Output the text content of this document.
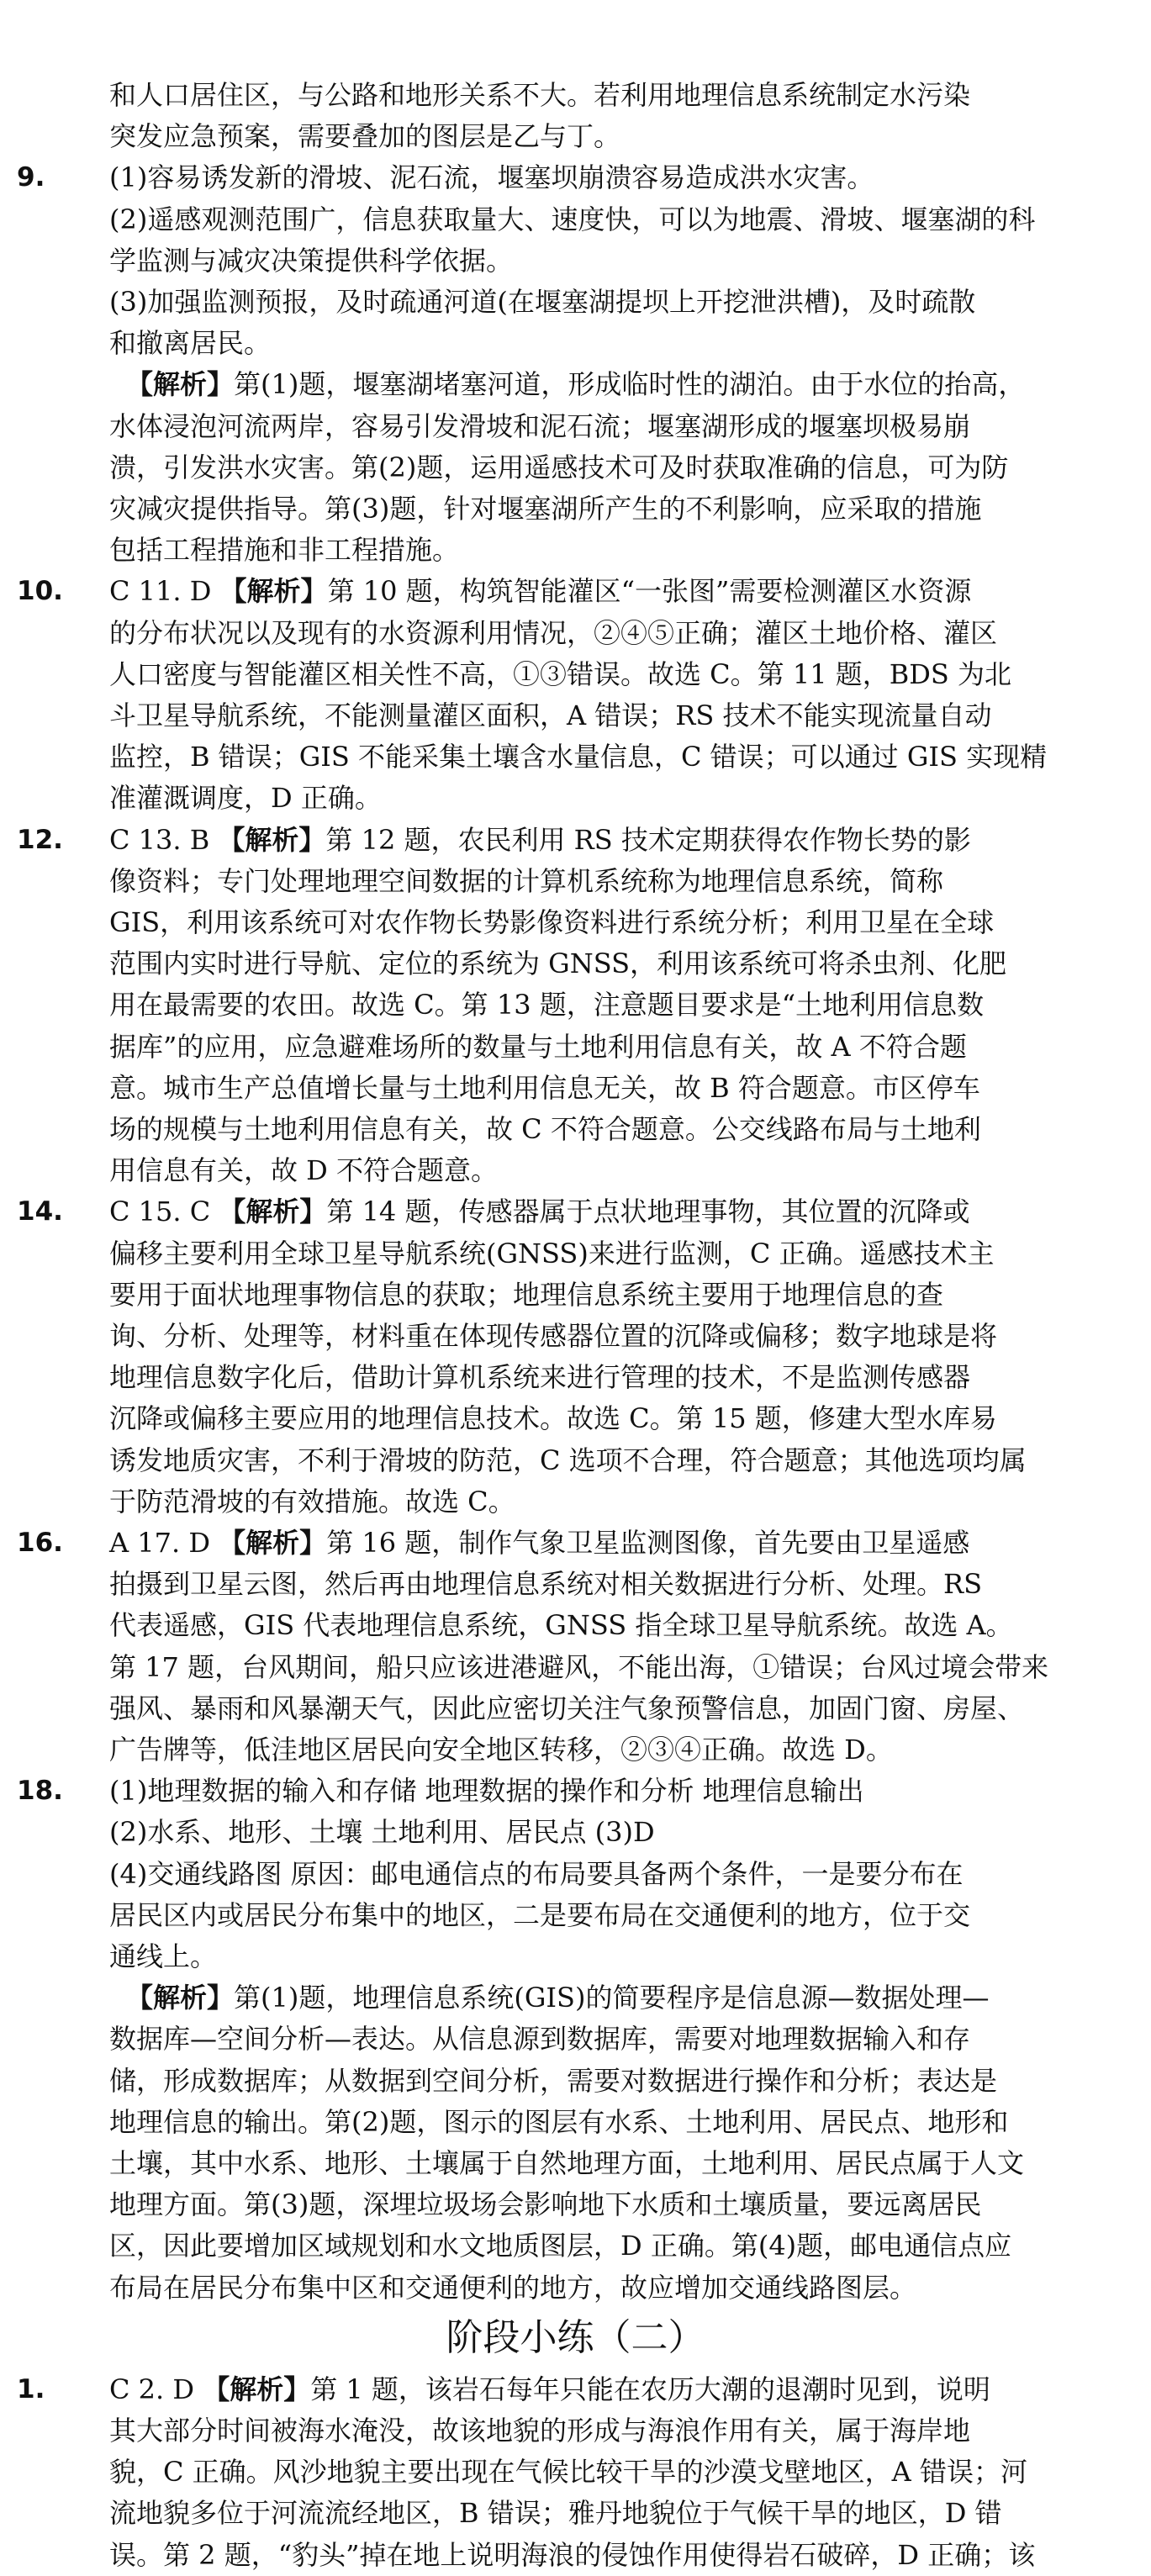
和人口居住区，与公路和地形关系不大。若利用地理信息系统制定水污染
突发应急预案，需要叠加的图层是乙与丁。
9. (1)容易诱发新的滑坡、泥石流，堰塞坝崩溃容易造成洪水灾害。
(2)遥感观测范围广，信息获取量大、速度快，可以为地震、滑坡、堰塞湖的科
学监测与减灾决策提供科学依据。
(3)加强监测预报，及时疏通河道(在堰塞湖提坝上开挖泄洪槽)，及时疏散
和撤离居民。
【解析】第(1)题，堰塞湖堵塞河道，形成临时性的湖泊。由于水位的抬高，
水体浸泡河流两岸，容易引发滑坡和泥石流；堰塞湖形成的堰塞坝极易崩
溃，引发洪水灾害。第(2)题，运用遥感技术可及时获取准确的信息，可为防
灾减灾提供指导。第(3)题，针对堰塞湖所产生的不利影响，应采取的措施
包括工程措施和非工程措施。
10. C 11. D 【解析】第 10 题，构筑智能灌区“一张图”需要检测灌区水资源
的分布状况以及现有的水资源利用情况，②④⑤正确；灌区土地价格、灌区
人口密度与智能灌区相关性不高，①③错误。故选 C。第 11 题，BDS 为北
斗卫星导航系统，不能测量灌区面积，A 错误；RS 技术不能实现流量自动
监控，B 错误；GIS 不能采集土壤含水量信息，C 错误；可以通过 GIS 实现精
准灌溉调度，D 正确。
12. C 13. B 【解析】第 12 题，农民利用 RS 技术定期获得农作物长势的影
像资料；专门处理地理空间数据的计算机系统称为地理信息系统，简称
GIS，利用该系统可对农作物长势影像资料进行系统分析；利用卫星在全球
范围内实时进行导航、定位的系统为 GNSS，利用该系统可将杀虫剂、化肥
用在最需要的农田。故选 C。第 13 题，注意题目要求是“土地利用信息数
据库”的应用，应急避难场所的数量与土地利用信息有关，故 A 不符合题
意。城市生产总值增长量与土地利用信息无关，故 B 符合题意。市区停车
场的规模与土地利用信息有关，故 C 不符合题意。公交线路布局与土地利
用信息有关，故 D 不符合题意。
14. C 15. C 【解析】第 14 题，传感器属于点状地理事物，其位置的沉降或
偏移主要利用全球卫星导航系统(GNSS)来进行监测，C 正确。遥感技术主
要用于面状地理事物信息的获取；地理信息系统主要用于地理信息的查
询、分析、处理等，材料重在体现传感器位置的沉降或偏移；数字地球是将
地理信息数字化后，借助计算机系统来进行管理的技术，不是监测传感器
沉降或偏移主要应用的地理信息技术。故选 C。第 15 题，修建大型水库易
诱发地质灾害，不利于滑坡的防范，C 选项不合理，符合题意；其他选项均属
于防范滑坡的有效措施。故选 C。
16. A 17. D 【解析】第 16 题，制作气象卫星监测图像，首先要由卫星遥感
拍摄到卫星云图，然后再由地理信息系统对相关数据进行分析、处理。RS
代表遥感，GIS 代表地理信息系统，GNSS 指全球卫星导航系统。故选 A。
第 17 题，台风期间，船只应该进港避风，不能出海，①错误；台风过境会带来
强风、暴雨和风暴潮天气，因此应密切关注气象预警信息，加固门窗、房屋、
广告牌等，低洼地区居民向安全地区转移，②③④正确。故选 D。
18. (1)地理数据的输入和存储 地理数据的操作和分析 地理信息输出
(2)水系、地形、土壤 土地利用、居民点 (3)D
(4)交通线路图 原因：邮电通信点的布局要具备两个条件，一是要分布在
居民区内或居民分布集中的地区，二是要布局在交通便利的地方，位于交
通线上。
【解析】第(1)题，地理信息系统(GIS)的简要程序是信息源—数据处理—
数据库—空间分析—表达。从信息源到数据库，需要对地理数据输入和存
储，形成数据库；从数据到空间分析，需要对数据进行操作和分析；表达是
地理信息的输出。第(2)题，图示的图层有水系、土地利用、居民点、地形和
土壤，其中水系、地形、土壤属于自然地理方面，土地利用、居民点属于人文
地理方面。第(3)题，深埋垃圾场会影响地下水质和土壤质量，要远离居民
区，因此要增加区域规划和水文地质图层，D 正确。第(4)题，邮电通信点应
布局在居民分布集中区和交通便利的地方，故应增加交通线路图层。
阶段小练（二）
1. C 2. D 【解析】第 1 题，该岩石每年只能在农历大潮的退潮时见到，说明
其大部分时间被海水淹没，故该地貌的形成与海浪作用有关，属于海岸地
貌，C 正确。风沙地貌主要出现在气候比较干旱的沙漠戈壁地区，A 错误；河
流地貌多位于河流流经地区，B 错误；雅丹地貌位于气候干旱的地区，D 错
误。第 2 题，“豹头”掉在地上说明海浪的侵蚀作用使得岩石破碎，D 正确；该
